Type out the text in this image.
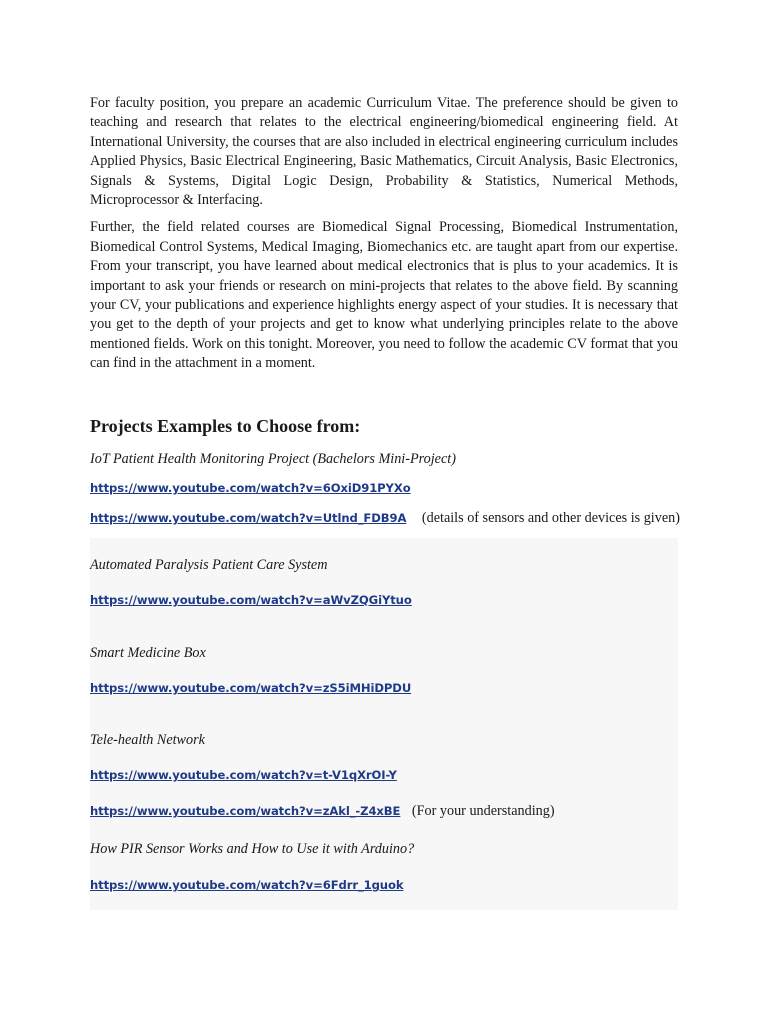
For faculty position, you prepare an academic Curriculum Vitae. The preference should be given to teaching and research that relates to the electrical engineering/biomedical engineering field. At International University, the courses that are also included in electrical engineering curriculum includes Applied Physics, Basic Electrical Engineering, Basic Mathematics, Circuit Analysis, Basic Electronics, Signals & Systems, Digital Logic Design, Probability & Statistics, Numerical Methods, Microprocessor & Interfacing.

Further, the field related courses are Biomedical Signal Processing, Biomedical Instrumentation, Biomedical Control Systems, Medical Imaging, Biomechanics etc. are taught apart from our expertise. From your transcript, you have learned about medical electronics that is plus to your academics. It is important to ask your friends or research on mini-projects that relates to the above field. By scanning your CV, your publications and experience highlights energy aspect of your studies. It is necessary that you get to the depth of your projects and get to know what underlying principles relate to the above mentioned fields. Work on this tonight. Moreover, you need to follow the academic CV format that you can find in the attachment in a moment.

Projects Examples to Choose from:
IoT Patient Health Monitoring Project (Bachelors Mini-Project)
https://www.youtube.com/watch?v=6OxiD91PYXo
https://www.youtube.com/watch?v=Utlnd_FDB9A (details of sensors and other devices is given)
Automated Paralysis Patient Care System
https://www.youtube.com/watch?v=aWvZQGiYtuo
Smart Medicine Box
https://www.youtube.com/watch?v=zS5iMHiDPDU
Tele-health Network
https://www.youtube.com/watch?v=t-V1qXrOI-Y
https://www.youtube.com/watch?v=zAkl_-Z4xBE (For your understanding)
How PIR Sensor Works and How to Use it with Arduino?
https://www.youtube.com/watch?v=6Fdrr_1guok
